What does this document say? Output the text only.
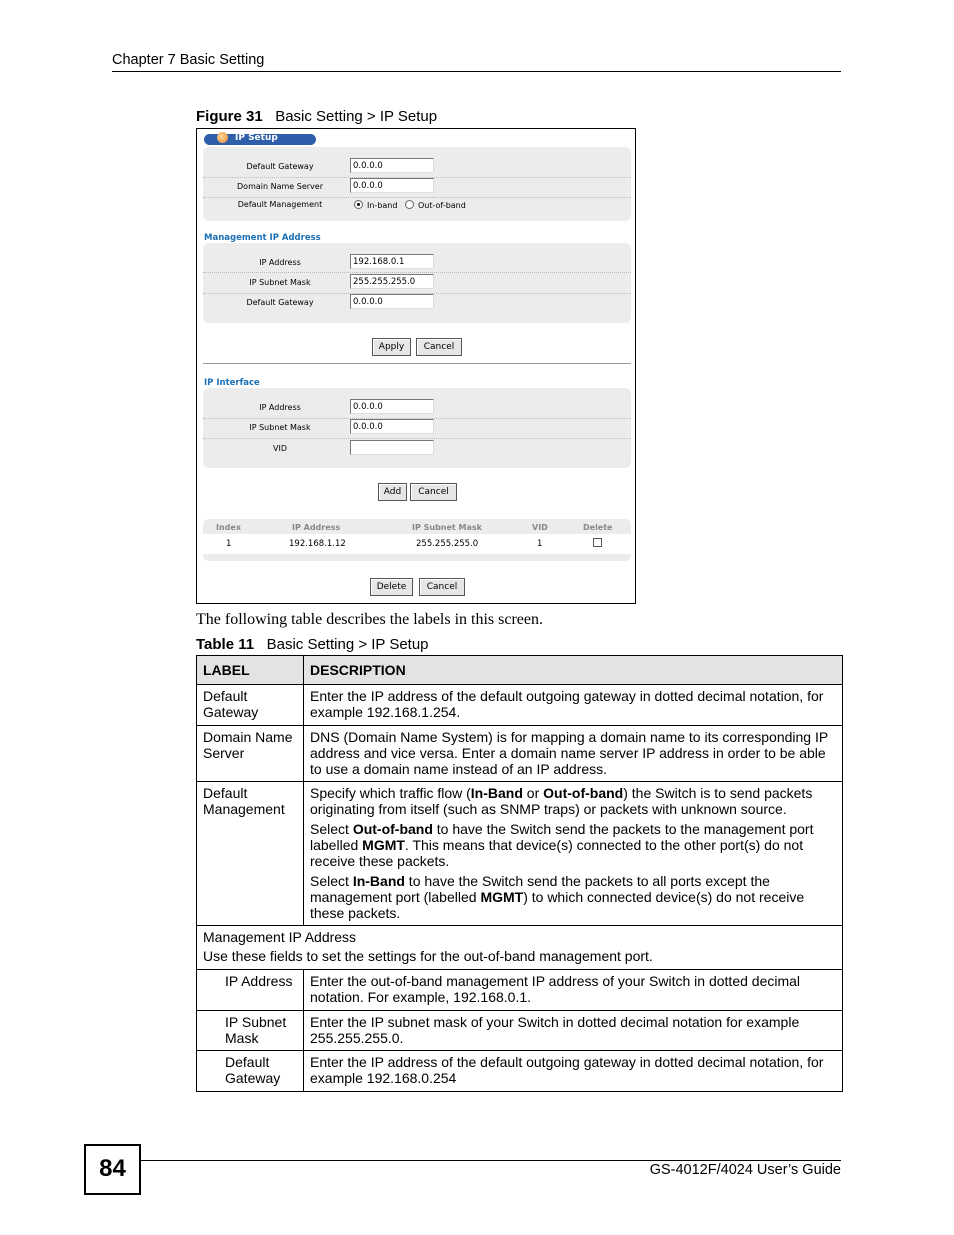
Chapter 7 Basic Setting
Figure 31 Basic Setting > IP Setup
IP Setup
Default Gateway	0.0.0.0
Domain Name Server	0.0.0.0
Default Management	In-band	Out-of-band
Management IP Address
IP Address	192.168.0.1
IP Subnet Mask	255.255.255.0
Default Gateway	0.0.0.0
Apply	Cancel
IP Interface
IP Address	0.0.0.0
IP Subnet Mask	0.0.0.0
VID
Add	Cancel
Index	IP Address	IP Subnet Mask	VID	Delete
1	192.168.1.12	255.255.255.0	1
Delete	Cancel
The following table describes the labels in this screen.
Table 11 Basic Setting > IP Setup
LABEL	DESCRIPTION
Default Gateway	Enter the IP address of the default outgoing gateway in dotted decimal notation, for example 192.168.1.254.
Domain Name Server	DNS (Domain Name System) is for mapping a domain name to its corresponding IP address and vice versa. Enter a domain name server IP address in order to be able to use a domain name instead of an IP address.
Default Management	Specify which traffic flow (In-Band or Out-of-band) the Switch is to send packets originating from itself (such as SNMP traps) or packets with unknown source.

Select Out-of-band to have the Switch send the packets to the management port labelled MGMT. This means that device(s) connected to the other port(s) do not receive these packets.

Select In-Band to have the Switch send the packets to all ports except the management port (labelled MGMT) to which connected device(s) do not receive these packets.

Management IP Address
Use these fields to set the settings for the out-of-band management port.	

IP Address	Enter the out-of-band management IP address of your Switch in dotted decimal notation. For example, 192.168.0.1.
IP Subnet Mask	Enter the IP subnet mask of your Switch in dotted decimal notation for example 255.255.255.0.
Default Gateway	Enter the IP address of the default outgoing gateway in dotted decimal notation, for example 192.168.0.254
84	GS-4012F/4024 User’s Guide
